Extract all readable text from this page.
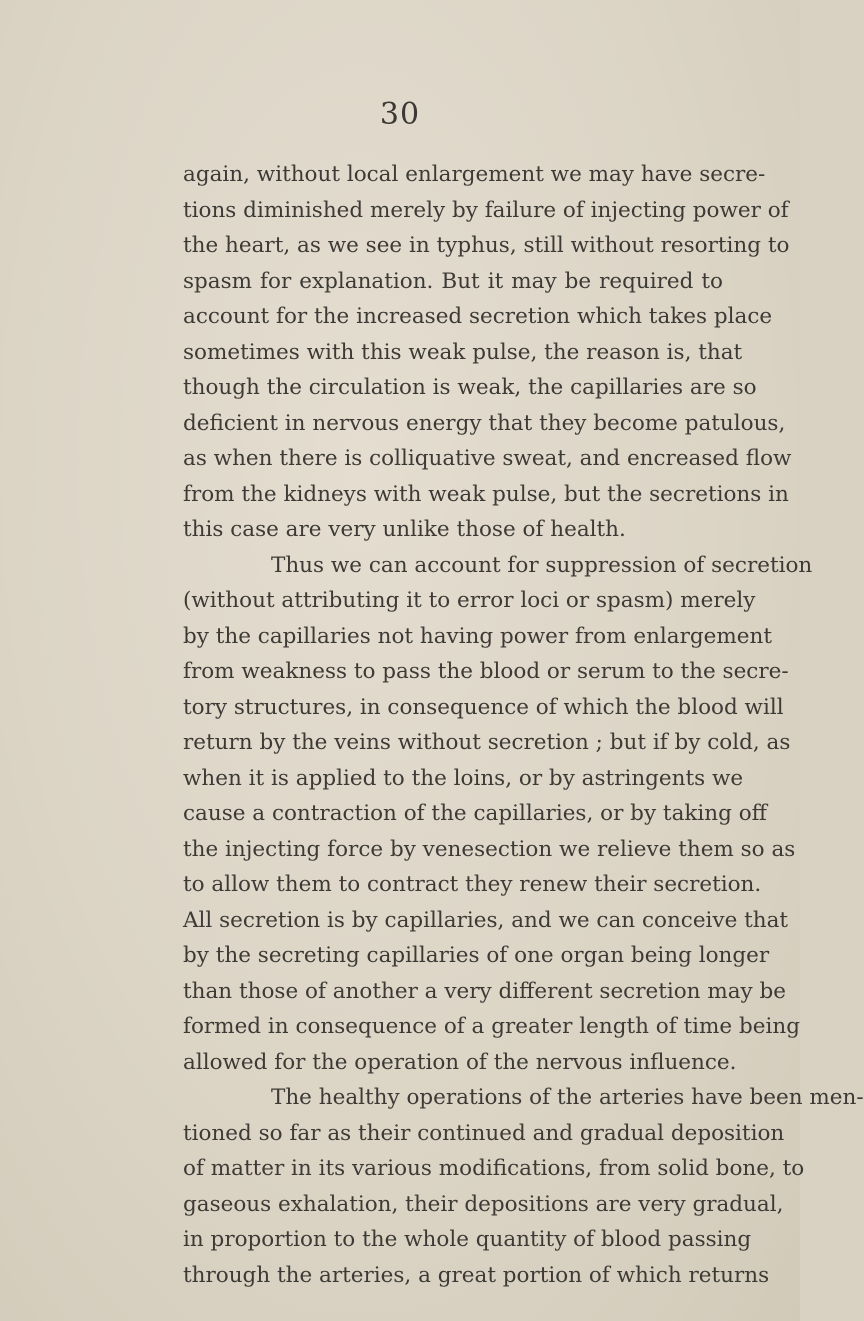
30
again, without local enlargement we may have secre-
tions diminished merely by failure of injecting power of
the heart, as we see in typhus, still without resorting to
spasm for explanation. But it may be required to
account for the increased secretion which takes place
sometimes with this weak pulse, the reason is, that
though the circulation is weak, the capillaries are so
deficient in nervous energy that they become patulous,
as when there is colliquative sweat, and encreased flow
from the kidneys with weak pulse, but the secretions in
this case are very unlike those of health.
Thus we can account for suppression of secretion
(without attributing it to error loci or spasm) merely
by the capillaries not having power from enlargement
from weakness to pass the blood or serum to the secre-
tory structures, in consequence of which the blood will
return by the veins without secretion ; but if by cold, as
when it is applied to the loins, or by astringents we
cause a contraction of the capillaries, or by taking off
the injecting force by venesection we relieve them so as
to allow them to contract they renew their secretion.
All secretion is by capillaries, and we can conceive that
by the secreting capillaries of one organ being longer
than those of another a very different secretion may be
formed in consequence of a greater length of time being
allowed for the operation of the nervous influence.
The healthy operations of the arteries have been men-
tioned so far as their continued and gradual deposition
of matter in its various modifications, from solid bone, to
gaseous exhalation, their depositions are very gradual,
in proportion to the whole quantity of blood passing
through the arteries, a great portion of which returns
